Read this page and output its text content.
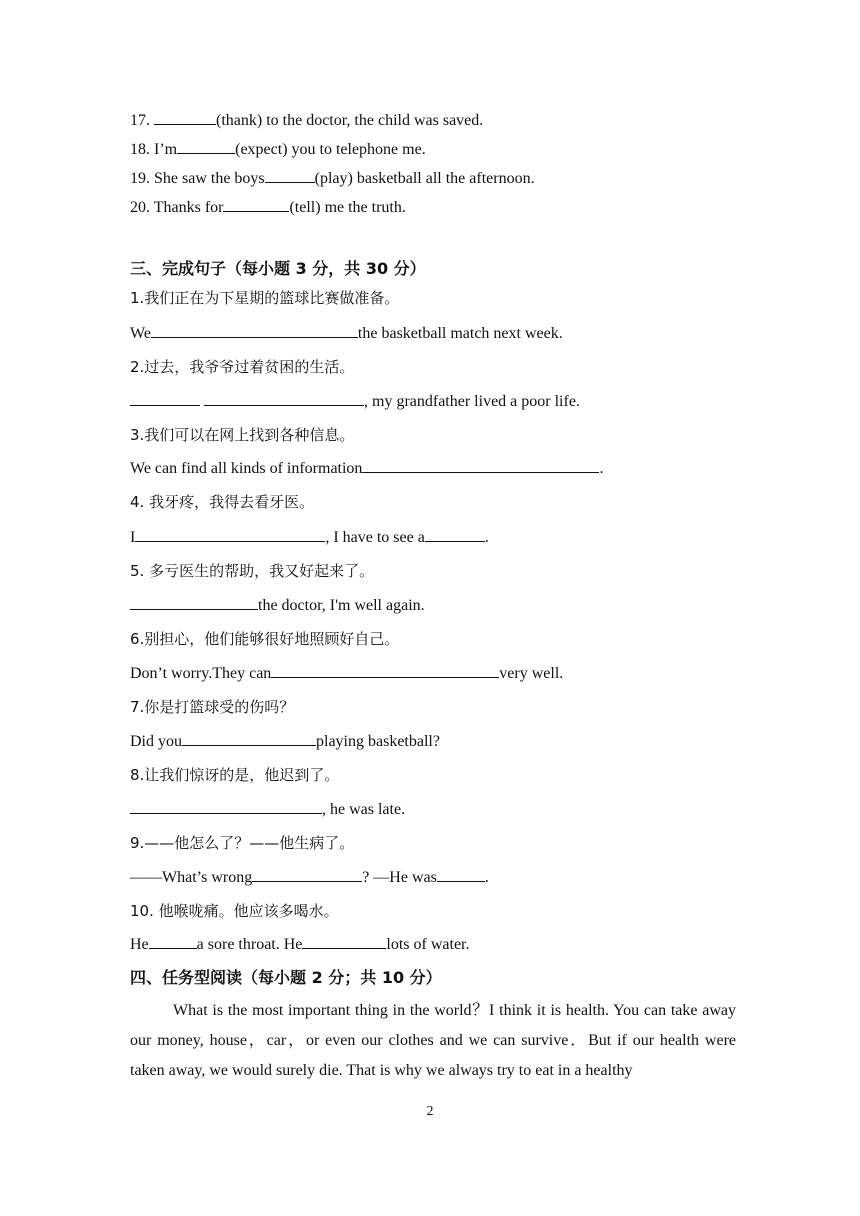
17.	(thank) to the doctor, the child was saved.
18. I’m	(expect) you to telephone me.
19. She saw the boys	(play) basketball all the afternoon.
20. Thanks for	(tell) me the truth.
三、完成句子（每小题 3 分，共 30 分）
1.我们正在为下星期的篮球比赛做准备。
We	the basketball match next week.
2.过去，我爷爷过着贫困的生活。
, my grandfather lived a poor life.
3.我们可以在网上找到各种信息。
We can find all kinds of information	.
4. 我牙疼，我得去看牙医。
I	, I have to see a	.
5. 多亏医生的帮助，我又好起来了。
the doctor, I'm well again.
6.别担心，他们能够很好地照顾好自己。
Don’t worry.They can	very well.
7.你是打篮球受的伤吗？
Did you	playing basketball?
8.让我们惊讶的是，他迟到了。
, he was late.
9.——他怎么了？——他生病了。
——What’s wrong	? —He was	.
10. 他喉咙痛。他应该多喝水。
He	a sore throat. He	lots of water.
四、任务型阅读（每小题 2 分；共 10 分）
What is the most important thing in the world？I think it is health. You can take away our money, house，car，or even our clothes and we can survive．But if our health were taken away, we would surely die. That is why we always try to eat in a healthy
2
